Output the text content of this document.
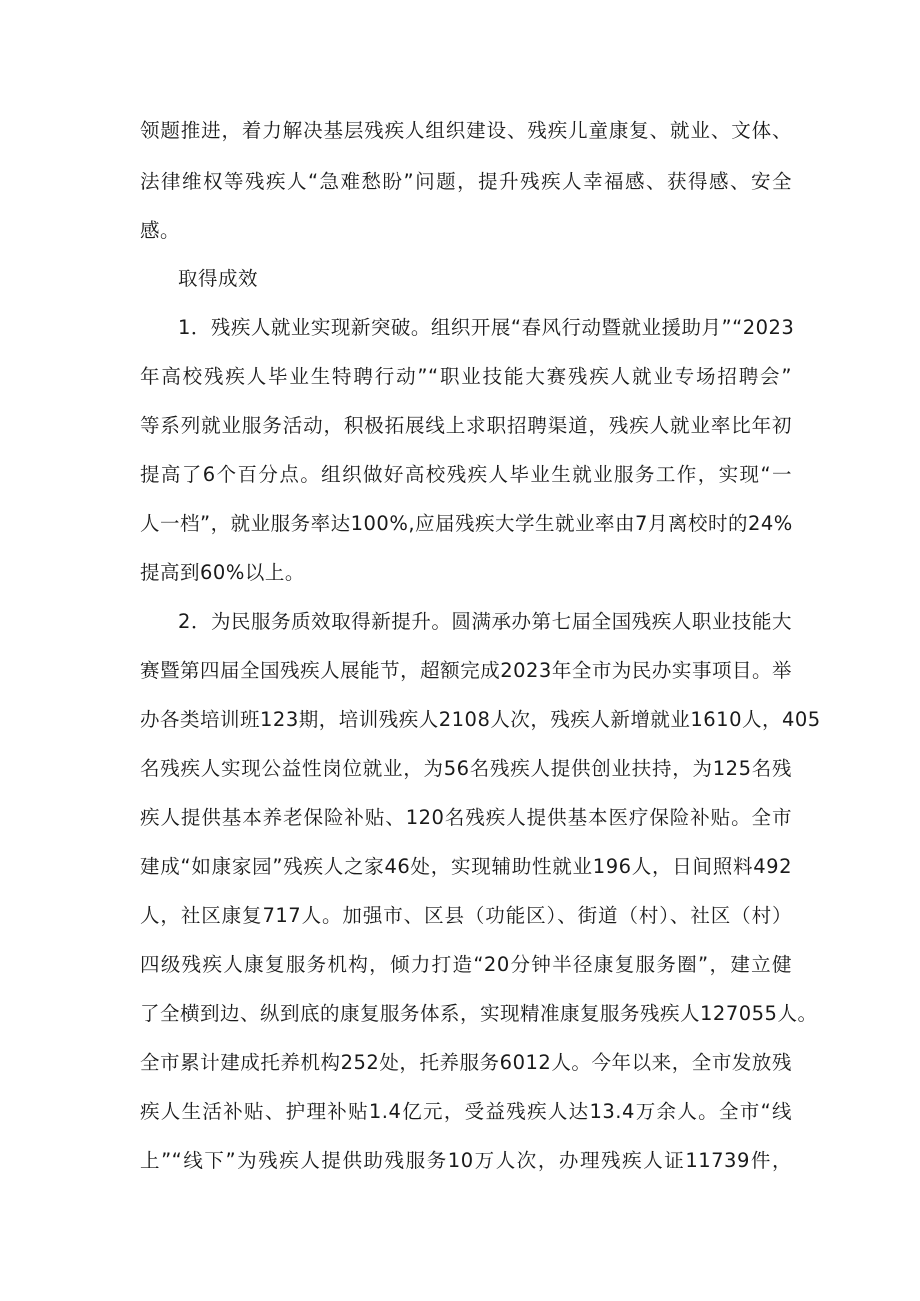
领题推进，着力解决基层残疾人组织建设、残疾儿童康复、就业、文体、
法律维权等残疾人“急难愁盼”问题，提升残疾人幸福感、获得感、安全
感。
取得成效
1．残疾人就业实现新突破。组织开展“春风行动暨就业援助月”“2023
年高校残疾人毕业生特聘行动”“职业技能大赛残疾人就业专场招聘会”
等系列就业服务活动，积极拓展线上求职招聘渠道，残疾人就业率比年初
提高了6个百分点。组织做好高校残疾人毕业生就业服务工作，实现“一
人一档”，就业服务率达100%,应届残疾大学生就业率由7月离校时的24%
提高到60%以上。
2．为民服务质效取得新提升。圆满承办第七届全国残疾人职业技能大
赛暨第四届全国残疾人展能节，超额完成2023年全市为民办实事项目。举
办各类培训班123期，培训残疾人2108人次，残疾人新增就业1610人，405
名残疾人实现公益性岗位就业，为56名残疾人提供创业扶持，为125名残
疾人提供基本养老保险补贴、120名残疾人提供基本医疗保险补贴。全市
建成“如康家园”残疾人之家46处，实现辅助性就业196人，日间照料492
人，社区康复717人。加强市、区县（功能区）、街道（村）、社区（村）
四级残疾人康复服务机构，倾力打造“20分钟半径康复服务圈”，建立健
了全横到边、纵到底的康复服务体系，实现精准康复服务残疾人127055人。
全市累计建成托养机构252处，托养服务6012人。今年以来，全市发放残
疾人生活补贴、护理补贴1.4亿元，受益残疾人达13.4万余人。全市“线
上”“线下”为残疾人提供助残服务10万人次，办理残疾人证11739件，
